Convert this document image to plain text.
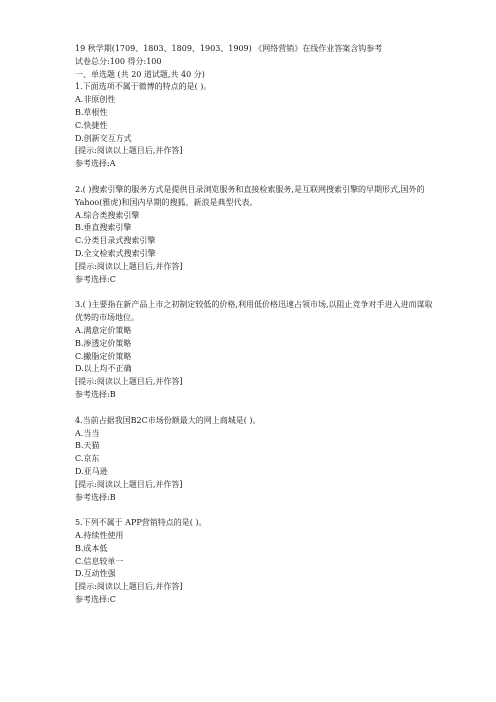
19 秋学期(1709、1803、1809、1903、1909) 《网络营销》在线作业答案含钩参考
试卷总分:100 得分:100
一、单选题 (共 20 道试题,共 40 分)
1.下面选项不属于微博的特点的是( )。
A.非原创性
B.草根性
C.快捷性
D.创新交互方式
[提示:阅读以上题目后,并作答]
参考选择:A
2.( )搜索引擎的服务方式是提供目录浏览服务和直接检索服务,是互联网搜索引擎的早期形式,国外的Yahoo(雅虎)和国内早期的搜狐、新浪是典型代表。
A.综合类搜索引擎
B.垂直搜索引擎
C.分类目录式搜索引擎
D.全文检索式搜索引擎
[提示:阅读以上题目后,并作答]
参考选择:C
3.( )主要指在新产品上市之初制定较低的价格,利用低价格迅速占领市场,以阻止竞争对手进入进而谋取优势的市场地位。
A.满意定价策略
B.渗透定价策略
C.撇脂定价策略
D.以上均不正确
[提示:阅读以上题目后,并作答]
参考选择:B
4.当前占据我国B2C市场份额最大的网上商城是( )。
A.当当
B.天猫
C.京东
D.亚马逊
[提示:阅读以上题目后,并作答]
参考选择:B
5.下列不属于 APP营销特点的是( )。
A.持续性使用
B.成本低
C.信息较单一
D.互动性强
[提示:阅读以上题目后,并作答]
参考选择:C
